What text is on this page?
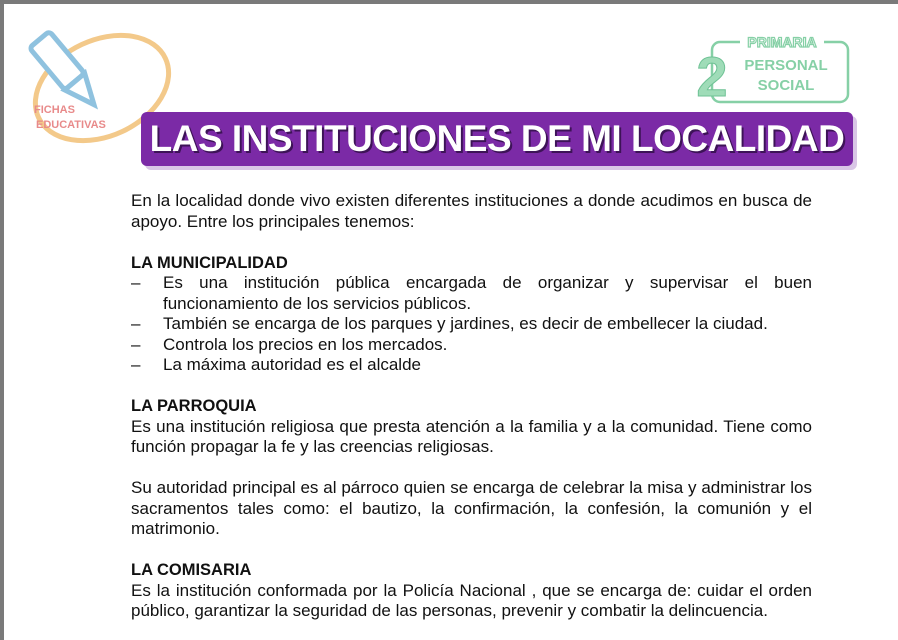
FICHAS
EDUCATIVAS
PRIMARIA
2 PERSONAL
SOCIAL
LAS INSTITUCIONES DE MI LOCALIDAD

En la localidad donde vivo existen diferentes instituciones a donde acudimos en busca de apoyo. Entre los principales tenemos:

LA MUNICIPALIDAD
– Es una institución pública encargada de organizar y supervisar el buen funcionamiento de los servicios públicos.
– También se encarga de los parques y jardines, es decir de embellecer la ciudad.
– Controla los precios en los mercados.
– La máxima autoridad es el alcalde
LA PARROQUIA

Es una institución religiosa que presta atención a la familia y a la comunidad. Tiene como función propagar la fe y las creencias religiosas.

Su autoridad principal es al párroco quien se encarga de celebrar la misa y administrar los sacramentos tales como: el bautizo, la confirmación, la confesión, la comunión y el matrimonio.

LA COMISARIA

Es la institución conformada por la Policía Nacional , que se encarga de: cuidar el orden público, garantizar la seguridad de las personas, prevenir y combatir la delincuencia.
